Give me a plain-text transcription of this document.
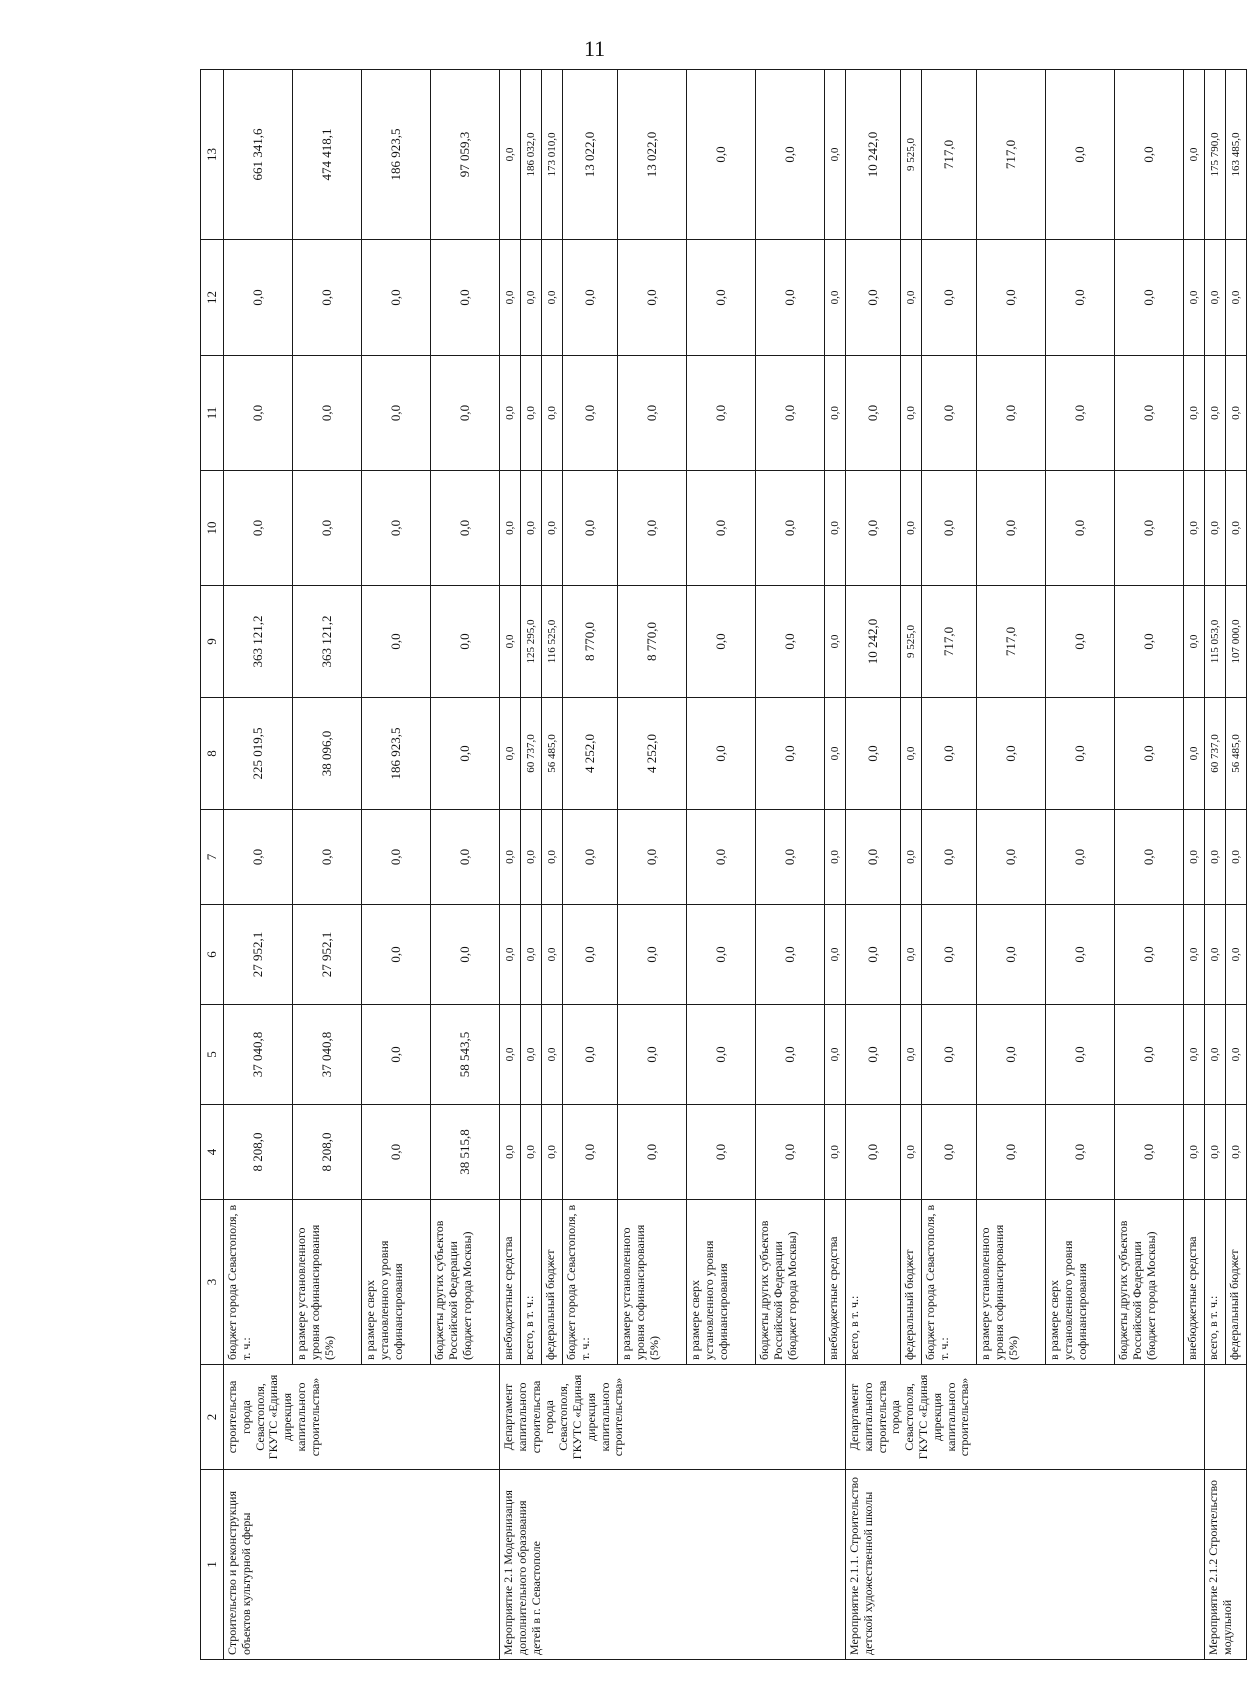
11
1	2	3	4	5	6	7	8	9	10	11	12	13
Строительство и реконструкция объектов культурной сферы	строительства города Севастополя, ГКУТС «Единая дирекция капитального строительства»	бюджет города Севастополя, в т. ч.:	8 208,0	37 040,8	27 952,1	0,0	225 019,5	363 121,2	0,0	0,0	0,0	661 341,6
		в размере установленного уровня софинансирования (5%)	8 208,0	37 040,8	27 952,1	0,0	38 096,0	363 121,2	0,0	0,0	0,0	474 418,1
		в размере сверх установленного уровня софинансирования	0,0	0,0	0,0	0,0	186 923,5	0,0	0,0	0,0	0,0	186 923,5
		бюджеты других субъектов Российской Федерации (бюджет города Москвы)	38 515,8	58 543,5	0,0	0,0	0,0	0,0	0,0	0,0	0,0	97 059,3
Мероприятие 2.1 Модернизация дополнительного образования детей в г. Севастополе	Департамент капитального строительства города Севастополя, ГКУТС «Единая дирекция капитального строительства»	внебюджетные средства	0,0	0,0	0,0	0,0	0,0	0,0	0,0	0,0	0,0	0,0
		всего, в т. ч.:	0,0	0,0	0,0	0,0	60 737,0	125 295,0	0,0	0,0	0,0	186 032,0
		федеральный бюджет	0,0	0,0	0,0	0,0	56 485,0	116 525,0	0,0	0,0	0,0	173 010,0
		бюджет города Севастополя, в т. ч.:	0,0	0,0	0,0	0,0	4 252,0	8 770,0	0,0	0,0	0,0	13 022,0
		в размере установленного уровня софинансирования (5%)	0,0	0,0	0,0	0,0	4 252,0	8 770,0	0,0	0,0	0,0	13 022,0
		в размере сверх установленного уровня софинансирования	0,0	0,0	0,0	0,0	0,0	0,0	0,0	0,0	0,0	0,0
		бюджеты других субъектов Российской Федерации (бюджет города Москвы)	0,0	0,0	0,0	0,0	0,0	0,0	0,0	0,0	0,0	0,0
		внебюджетные средства	0,0	0,0	0,0	0,0	0,0	0,0	0,0	0,0	0,0	0,0
Мероприятие 2.1.1. Строительство детской художественной школы	Департамент капитального строительства города Севастополя, ГКУТС «Единая дирекция капитального строительства»	всего, в т. ч.:	0,0	0,0	0,0	0,0	0,0	10 242,0	0,0	0,0	0,0	10 242,0
		федеральный бюджет	0,0	0,0	0,0	0,0	0,0	9 525,0	0,0	0,0	0,0	9 525,0
		бюджет города Севастополя, в т. ч.:	0,0	0,0	0,0	0,0	0,0	717,0	0,0	0,0	0,0	717,0
		в размере установленного уровня софинансирования (5%)	0,0	0,0	0,0	0,0	0,0	717,0	0,0	0,0	0,0	717,0
		в размере сверх установленного уровня софинансирования	0,0	0,0	0,0	0,0	0,0	0,0	0,0	0,0	0,0	0,0
		бюджеты других субъектов Российской Федерации (бюджет города Москвы)	0,0	0,0	0,0	0,0	0,0	0,0	0,0	0,0	0,0	0,0
		внебюджетные средства	0,0	0,0	0,0	0,0	0,0	0,0	0,0	0,0	0,0	0,0
Мероприятие 2.1.2 Строительство модульной		всего, в т. ч.:	0,0	0,0	0,0	0,0	60 737,0	115 053,0	0,0	0,0	0,0	175 790,0
		федеральный бюджет	0,0	0,0	0,0	0,0	56 485,0	107 000,0	0,0	0,0	0,0	163 485,0
